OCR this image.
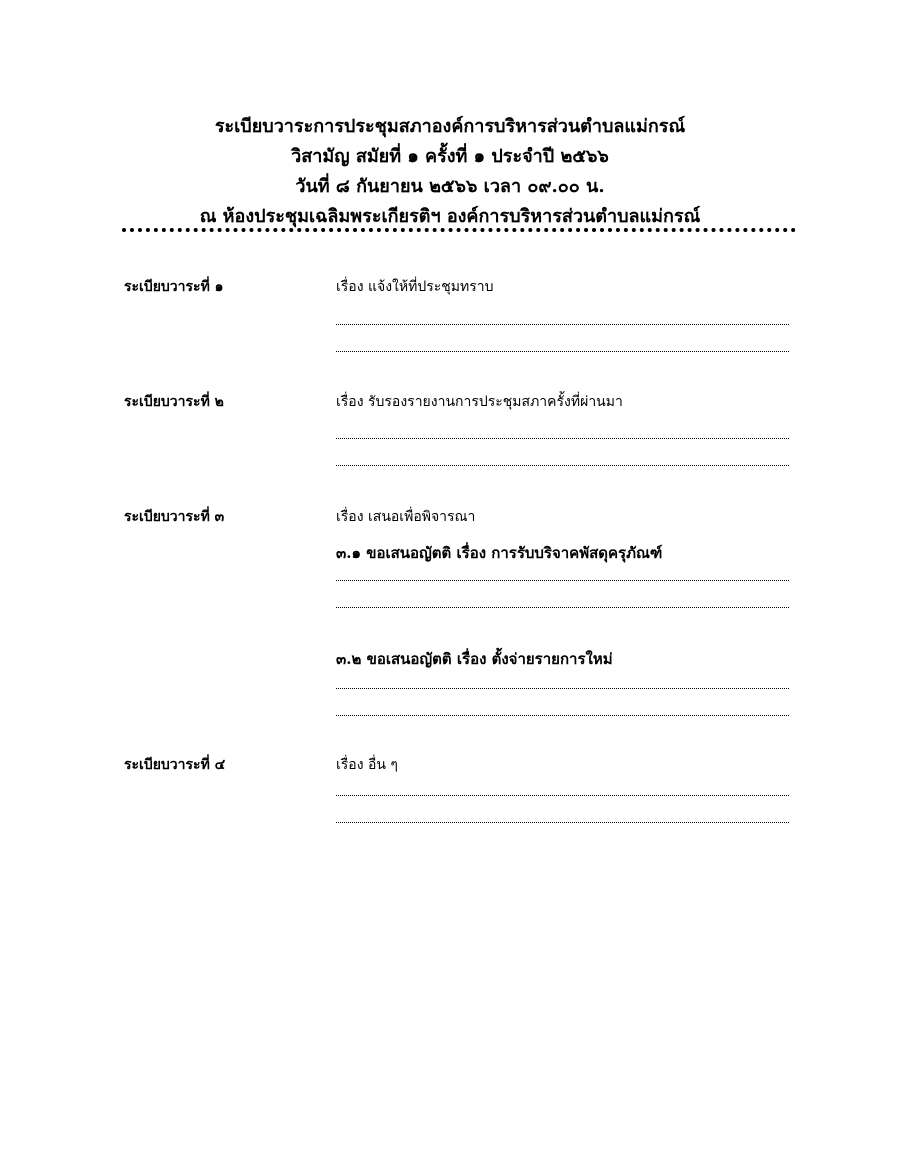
ระเบียบวาระการประชุมสภาองค์การบริหารส่วนตำบลแม่กรณ์
วิสามัญ สมัยที่ ๑ ครั้งที่ ๑ ประจำปี ๒๕๖๖
วันที่ ๘ กันยายน ๒๕๖๖ เวลา ๐๙.๐๐ น.
ณ ห้องประชุมเฉลิมพระเกียรติฯ องค์การบริหารส่วนตำบลแม่กรณ์
ระเบียบวาระที่ ๑	เรื่อง แจ้งให้ที่ประชุมทราบ
ระเบียบวาระที่ ๒	เรื่อง รับรองรายงานการประชุมสภาครั้งที่ผ่านมา
ระเบียบวาระที่ ๓	เรื่อง เสนอเพื่อพิจารณา
๓.๑ ขอเสนอญัตติ เรื่อง การรับบริจาคพัสดุครุภัณฑ์
๓.๒ ขอเสนอญัตติ เรื่อง ตั้งจ่ายรายการใหม่
ระเบียบวาระที่ ๔	เรื่อง อื่น ๆ
